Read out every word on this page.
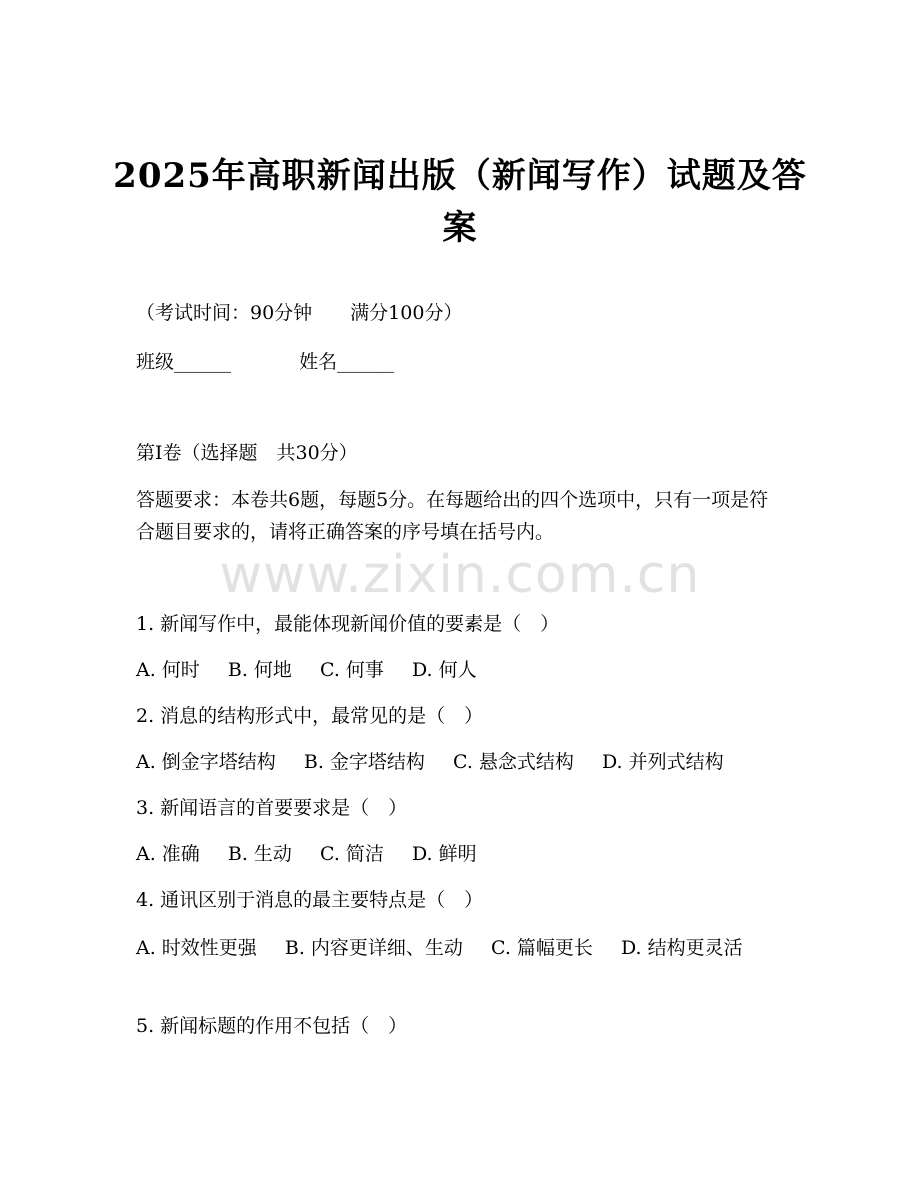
www.zixin.com.cn
2025年高职新闻出版（新闻写作）试题及答案
（考试时间：90分钟　　满分100分）
班级______	姓名______
第I卷（选择题　共30分）
答题要求：本卷共6题，每题5分。在每题给出的四个选项中，只有一项是符合题目要求的，请将正确答案的序号填在括号内。
1. 新闻写作中，最能体现新闻价值的要素是（　）
A. 何时 B. 何地 C. 何事 D. 何人
2. 消息的结构形式中，最常见的是（　）
A. 倒金字塔结构 B. 金字塔结构 C. 悬念式结构 D. 并列式结构
3. 新闻语言的首要要求是（　）
A. 准确 B. 生动 C. 简洁 D. 鲜明
4. 通讯区别于消息的最主要特点是（　）
A. 时效性更强 B. 内容更详细、生动 C. 篇幅更长 D. 结构更灵活
5. 新闻标题的作用不包括（　）
